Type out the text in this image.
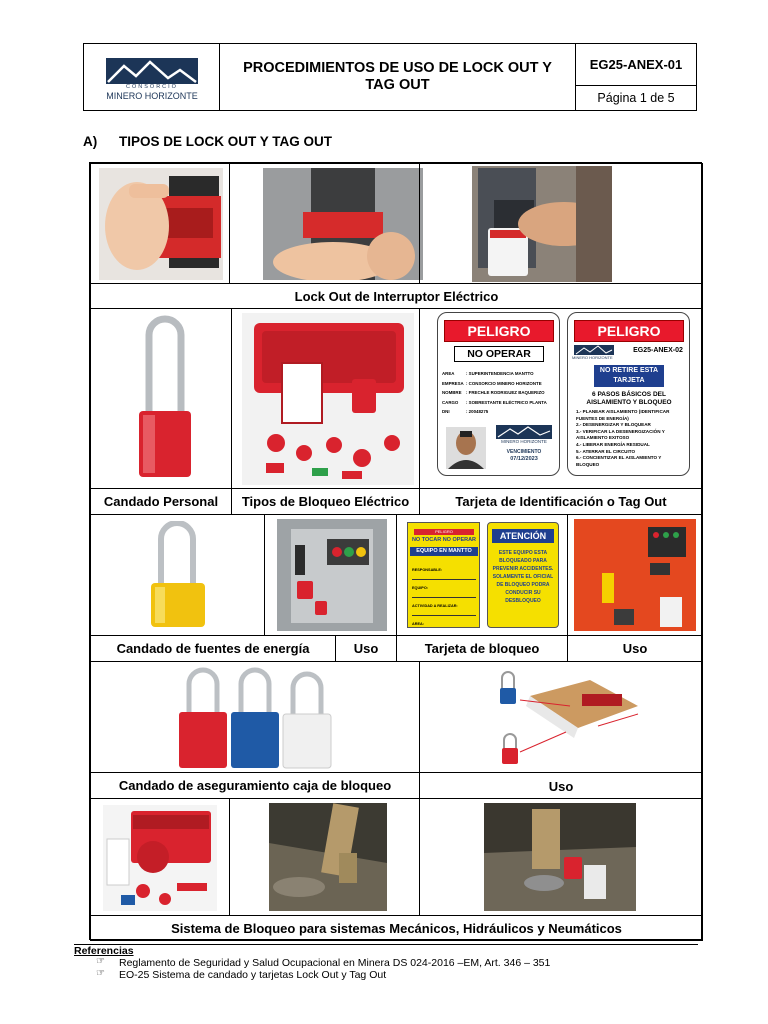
CONSORCIO
MINERO HORIZONTE
PROCEDIMIENTOS DE USO DE LOCK OUT Y TAG OUT
EG25-ANEX-01
Página 1 de 5
A) TIPOS DE LOCK OUT Y TAG OUT
Lock Out de Interruptor Eléctrico
PELIGRO
NO OPERAR
AREA	: SUPERINTENDENCIA MANTTO
EMPRESA : CONSORCIO MINERO HORIZONTE
NOMBRE : FRECHLE RODRIGUEZ BAQUERIZO
CARGO : SOBRESTANTE ELÉCTRICO PLANTA
DNI	: 20048275
MINERO HORIZONTE
VENCIMIENTO
07/12/2023
PELIGRO
MINERO HORIZONTE
EG25-ANEX-02
NO RETIRE ESTA TARJETA
6 PASOS BÁSICOS DEL AISLAMIENTO Y BLOQUEO
1.- PLANEAR AISLAMIENTO (IDENTIFICAR FUENTES DE ENERGÍA)
2.- DESENERGIZAR Y BLOQUEAR
3.- VERIFICAR LA DESENERGIZACIÓN Y AISLAMIENTO EXITOSO
4.- LIBERAR ENERGÍA RESIDUAL
5.- ATERRAR EL CIRCUITO
6.- CONCIENTIZAR EL AISLAMIENTO Y BLOQUEO
Candado Personal	Tipos de Bloqueo Eléctrico	Tarjeta de Identificación o Tag Out
PELIGRO
NO TOCAR NO OPERAR
EQUIPO EN MANTTO
RESPONSABLE:
EQUIPO:
ACTIVIDAD A REALIZAR:
AREA:
ATENCIÓN
ESTE EQUIPO ESTA BLOQUEADO PARA PREVENIR ACCIDENTES. SOLAMENTE EL OFICIAL DE BLOQUEO PODRA CONDUCIR SU DESBLOQUEO
Candado de fuentes de energía	Uso	Tarjeta de bloqueo	Uso
Candado de aseguramiento caja de bloqueo	Uso
Sistema de Bloqueo para sistemas Mecánicos, Hidráulicos y Neumáticos
Referencias
☞ Reglamento de Seguridad y Salud Ocupacional en Minera DS 024-2016 –EM, Art. 346 – 351
☞ EO-25 Sistema de candado y tarjetas Lock Out y Tag Out
